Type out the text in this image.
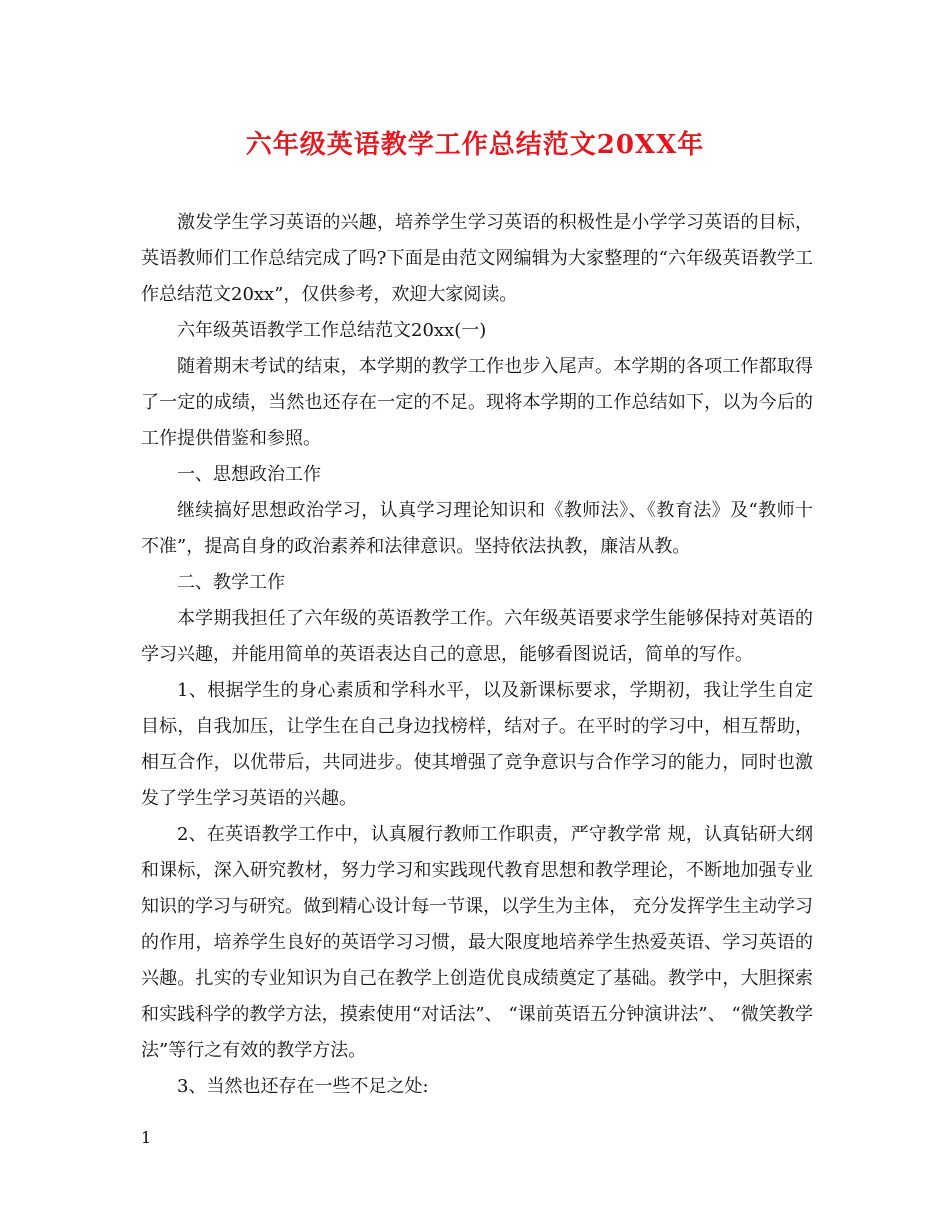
六年级英语教学工作总结范文20XX年

激发学生学习英语的兴趣，培养学生学习英语的积极性是小学学习英语的目标，英语教师们工作总结完成了吗?下面是由范文网编辑为大家整理的“六年级英语教学工作总结范文20xx”，仅供参考，欢迎大家阅读。

六年级英语教学工作总结范文20xx(一)

随着期末考试的结束，本学期的教学工作也步入尾声。本学期的各项工作都取得了一定的成绩，当然也还存在一定的不足。现将本学期的工作总结如下，以为今后的工作提供借鉴和参照。

一、思想政治工作

继续搞好思想政治学习，认真学习理论知识和《教师法》、《教育法》及“教师十不准”，提高自身的政治素养和法律意识。坚持依法执教，廉洁从教。

二、教学工作

本学期我担任了六年级的英语教学工作。六年级英语要求学生能够保持对英语的学习兴趣，并能用简单的英语表达自己的意思，能够看图说话，简单的写作。

1、根据学生的身心素质和学科水平，以及新课标要求，学期初，我让学生自定目标，自我加压，让学生在自己身边找榜样，结对子。在平时的学习中，相互帮助，相互合作，以优带后，共同进步。使其增强了竞争意识与合作学习的能力，同时也激发了学生学习英语的兴趣。

2、在英语教学工作中，认真履行教师工作职责，严守教学常 规，认真钻研大纲和课标，深入研究教材，努力学习和实践现代教育思想和教学理论，不断地加强专业知识的学习与研究。做到精心设计每一节课，以学生为主体， 充分发挥学生主动学习的作用，培养学生良好的英语学习习惯，最大限度地培养学生热爱英语、学习英语的兴趣。扎实的专业知识为自己在教学上创造优良成绩奠定了基础。教学中，大胆探索和实践科学的教学方法，摸索使用“对话法”、 “课前英语五分钟演讲法”、 “微笑教学法”等行之有效的教学方法。

3、当然也还存在一些不足之处:

1
